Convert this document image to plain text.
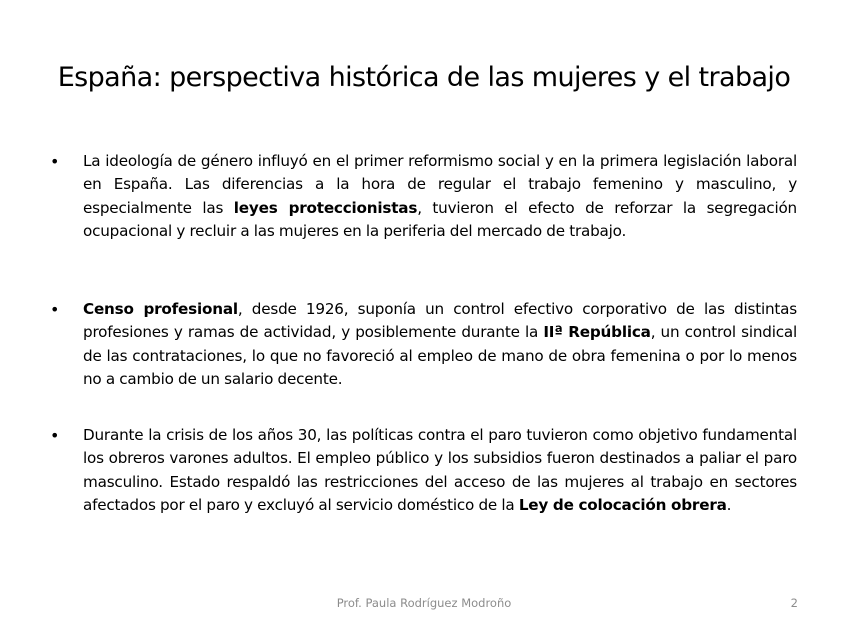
España: perspectiva histórica de las mujeres y el trabajo
• La ideología de género influyó en el primer reformismo social y en la primera legislación laboral en España. Las diferencias a la hora de regular el trabajo femenino y masculino, y especialmente las leyes proteccionistas, tuvieron el efecto de reforzar la segregación ocupacional y recluir a las mujeres en la periferia del mercado de trabajo.
• Censo profesional, desde 1926, suponía un control efectivo corporativo de las distintas profesiones y ramas de actividad, y posiblemente durante la IIª República, un control sindical de las contrataciones, lo que no favoreció al empleo de mano de obra femenina o por lo menos no a cambio de un salario decente.
• Durante la crisis de los años 30, las políticas contra el paro tuvieron como objetivo fundamental los obreros varones adultos. El empleo público y los subsidios fueron destinados a paliar el paro masculino. Estado respaldó las restricciones del acceso de las mujeres al trabajo en sectores afectados por el paro y excluyó al servicio doméstico de la Ley de colocación obrera.
Prof. Paula Rodríguez Modroño	2
